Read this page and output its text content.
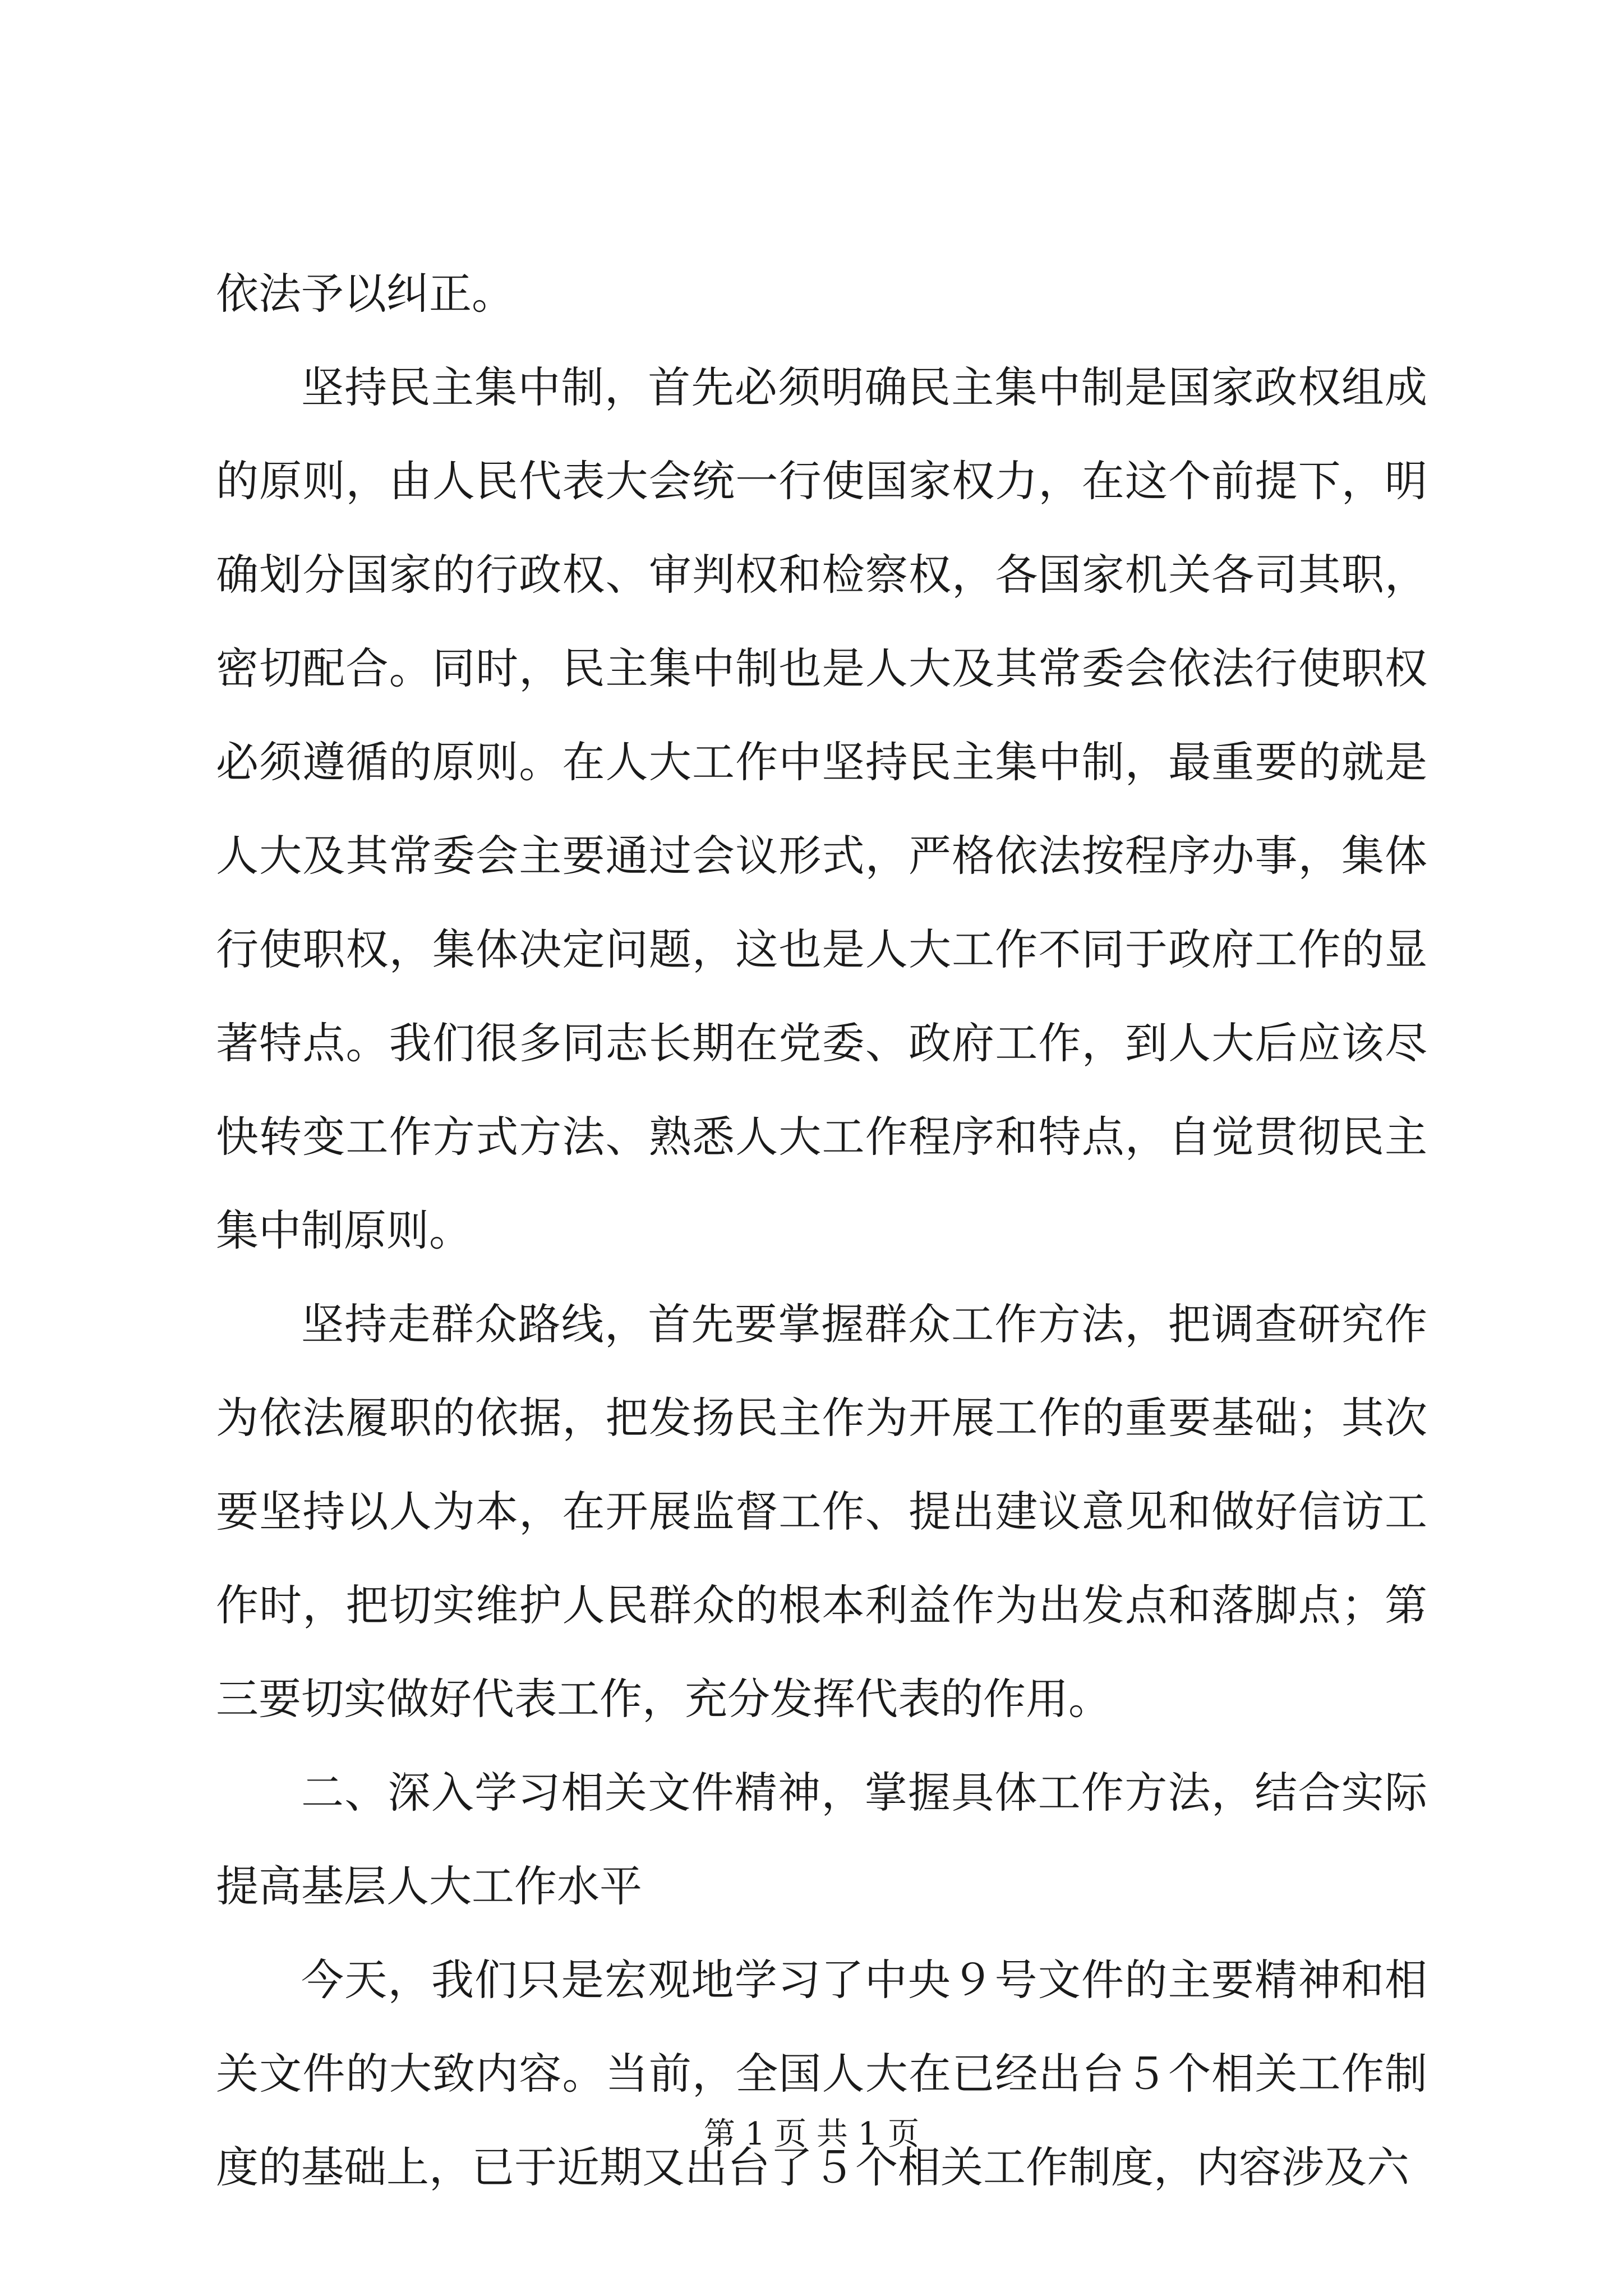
依法予以纠正。

坚持民主集中制，首先必须明确民主集中制是国家政权组成的原则，由人民代表大会统一行使国家权力，在这个前提下，明确划分国家的行政权、审判权和检察权，各国家机关各司其职，密切配合。同时，民主集中制也是人大及其常委会依法行使职权必须遵循的原则。在人大工作中坚持民主集中制，最重要的就是人大及其常委会主要通过会议形式，严格依法按程序办事，集体行使职权，集体决定问题，这也是人大工作不同于政府工作的显著特点。我们很多同志长期在党委、政府工作，到人大后应该尽快转变工作方式方法、熟悉人大工作程序和特点，自觉贯彻民主集中制原则。

坚持走群众路线，首先要掌握群众工作方法，把调查研究作为依法履职的依据，把发扬民主作为开展工作的重要基础；其次要坚持以人为本，在开展监督工作、提出建议意见和做好信访工作时，把切实维护人民群众的根本利益作为出发点和落脚点；第三要切实做好代表工作，充分发挥代表的作用。

二、深入学习相关文件精神，掌握具体工作方法，结合实际提高基层人大工作水平

今天，我们只是宏观地学习了中央９号文件的主要精神和相关文件的大致内容。当前，全国人大在已经出台５个相关工作制度的基础上，已于近期又出台了５个相关工作制度，内容涉及六

第 1 页 共 1 页
